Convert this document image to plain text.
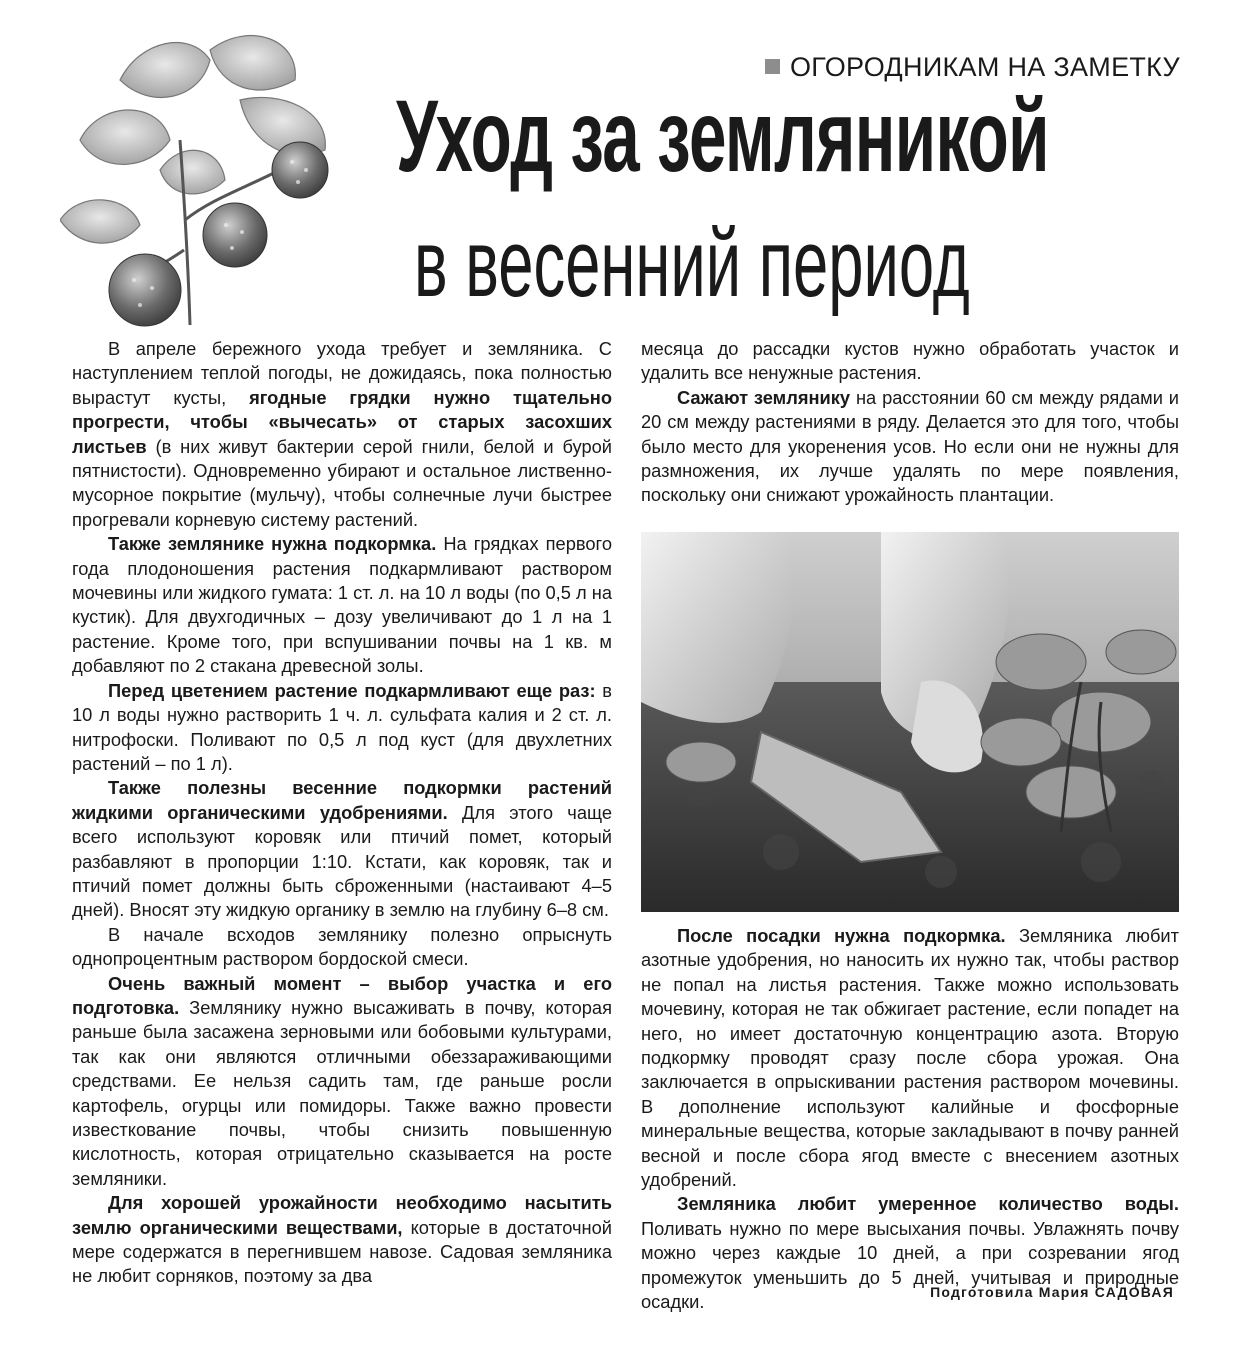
ОГОРОДНИКАМ НА ЗАМЕТКУ
Уход за земляникой
в весенний период

В апреле бережного ухода требует и земляника. С наступлением теплой погоды, не дожидаясь, пока полностью вырастут кусты, ягодные грядки нужно тщательно прогрести, чтобы «вычесать» от старых засохших листьев (в них живут бактерии серой гнили, белой и бурой пятнистости). Одновременно убирают и остальное лиственно-мусорное покрытие (мульчу), чтобы солнечные лучи быстрее прогревали корневую систему растений.

Также землянике нужна подкормка. На грядках первого года плодоношения растения подкармливают раствором мочевины или жидкого гумата: 1 ст. л. на 10 л воды (по 0,5 л на кустик). Для двухгодичных – дозу увеличивают до 1 л на 1 растение. Кроме того, при вспушивании почвы на 1 кв. м добавляют по 2 стакана древесной золы.

Перед цветением растение подкармливают еще раз: в 10 л воды нужно растворить 1 ч. л. сульфата калия и 2 ст. л. нитрофоски. Поливают по 0,5 л под куст (для двухлетних растений – по 1 л).

Также полезны весенние подкормки растений жидкими органическими удобрениями. Для этого чаще всего используют коровяк или птичий помет, который разбавляют в пропорции 1:10. Кстати, как коровяк, так и птичий помет должны быть сброженными (настаивают 4–5 дней). Вносят эту жидкую органику в землю на глубину 6–8 см.

В начале всходов землянику полезно опрыснуть однопроцентным раствором бордоской смеси.

Очень важный момент – выбор участка и его подготовка. Землянику нужно высаживать в почву, которая раньше была засажена зерновыми или бобовыми культурами, так как они являются отличными обеззараживающими средствами. Ее нельзя садить там, где раньше росли картофель, огурцы или помидоры. Также важно провести известкование почвы, чтобы снизить повышенную кислотность, которая отрицательно сказывается на росте земляники.

Для хорошей урожайности необходимо насытить землю органическими веществами, которые в достаточной мере содержатся в перегнившем навозе. Садовая земляника не любит сорняков, поэтому за два

месяца до рассадки кустов нужно обработать участок и удалить все ненужные растения.

Сажают землянику на расстоянии 60 см между рядами и 20 см между растениями в ряду. Делается это для того, чтобы было место для укоренения усов. Но если они не нужны для размножения, их лучше удалять по мере появления, поскольку они снижают урожайность плантации.

После посадки нужна подкормка. Земляника любит азотные удобрения, но наносить их нужно так, чтобы раствор не попал на листья растения. Также можно использовать мочевину, которая не так обжигает растение, если попадет на него, но имеет достаточную концентрацию азота. Вторую подкормку проводят сразу после сбора урожая. Она заключается в опрыскивании растения раствором мочевины. В дополнение используют калийные и фосфорные минеральные вещества, которые закладывают в почву ранней весной и после сбора ягод вместе с внесением азотных удобрений.

Земляника любит умеренное количество воды. Поливать нужно по мере высыхания почвы. Увлажнять почву можно через каждые 10 дней, а при созревании ягод промежуток уменьшить до 5 дней, учитывая и природные осадки.	Подготовила Мария САДОВАЯ
